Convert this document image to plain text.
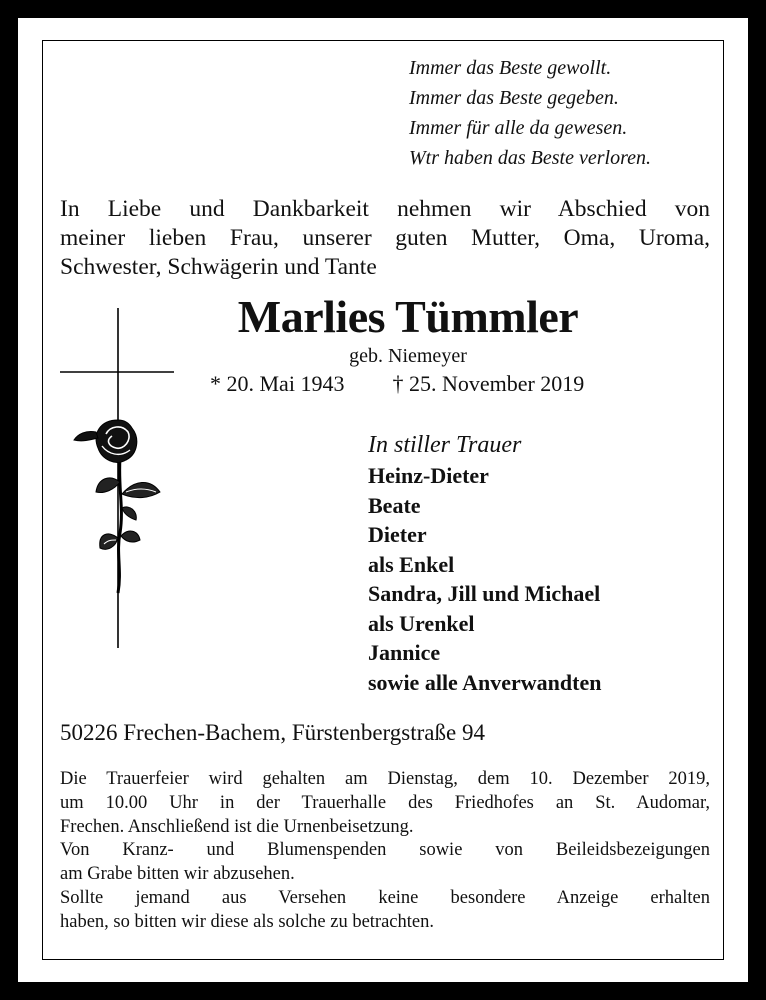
Immer das Beste gewollt.
Immer das Beste gegeben.
Immer für alle da gewesen.
Wtr haben das Beste verloren.
In Liebe und Dankbarkeit nehmen wir Abschied von
meiner lieben Frau, unserer guten Mutter, Oma, Uroma,
Schwester, Schwägerin und Tante
Marlies Tümmler
geb. Niemeyer
* 20. Mai 1943 † 25. November 2019
In stiller Trauer
Heinz-Dieter
Beate
Dieter
als Enkel
Sandra, Jill und Michael
als Urenkel
Jannice
sowie alle Anverwandten
50226 Frechen-Bachem, Fürstenbergstraße 94

Die Trauerfeier wird gehalten am Dienstag, dem 10. Dezember 2019,

um 10.00 Uhr in der Trauerhalle des Friedhofes an St. Audomar,

Frechen. Anschließend ist die Urnenbeisetzung.

Von Kranz- und Blumenspenden sowie von Beileidsbezeigungen

am Grabe bitten wir abzusehen.

Sollte jemand aus Versehen keine besondere Anzeige erhalten

haben, so bitten wir diese als solche zu betrachten.
